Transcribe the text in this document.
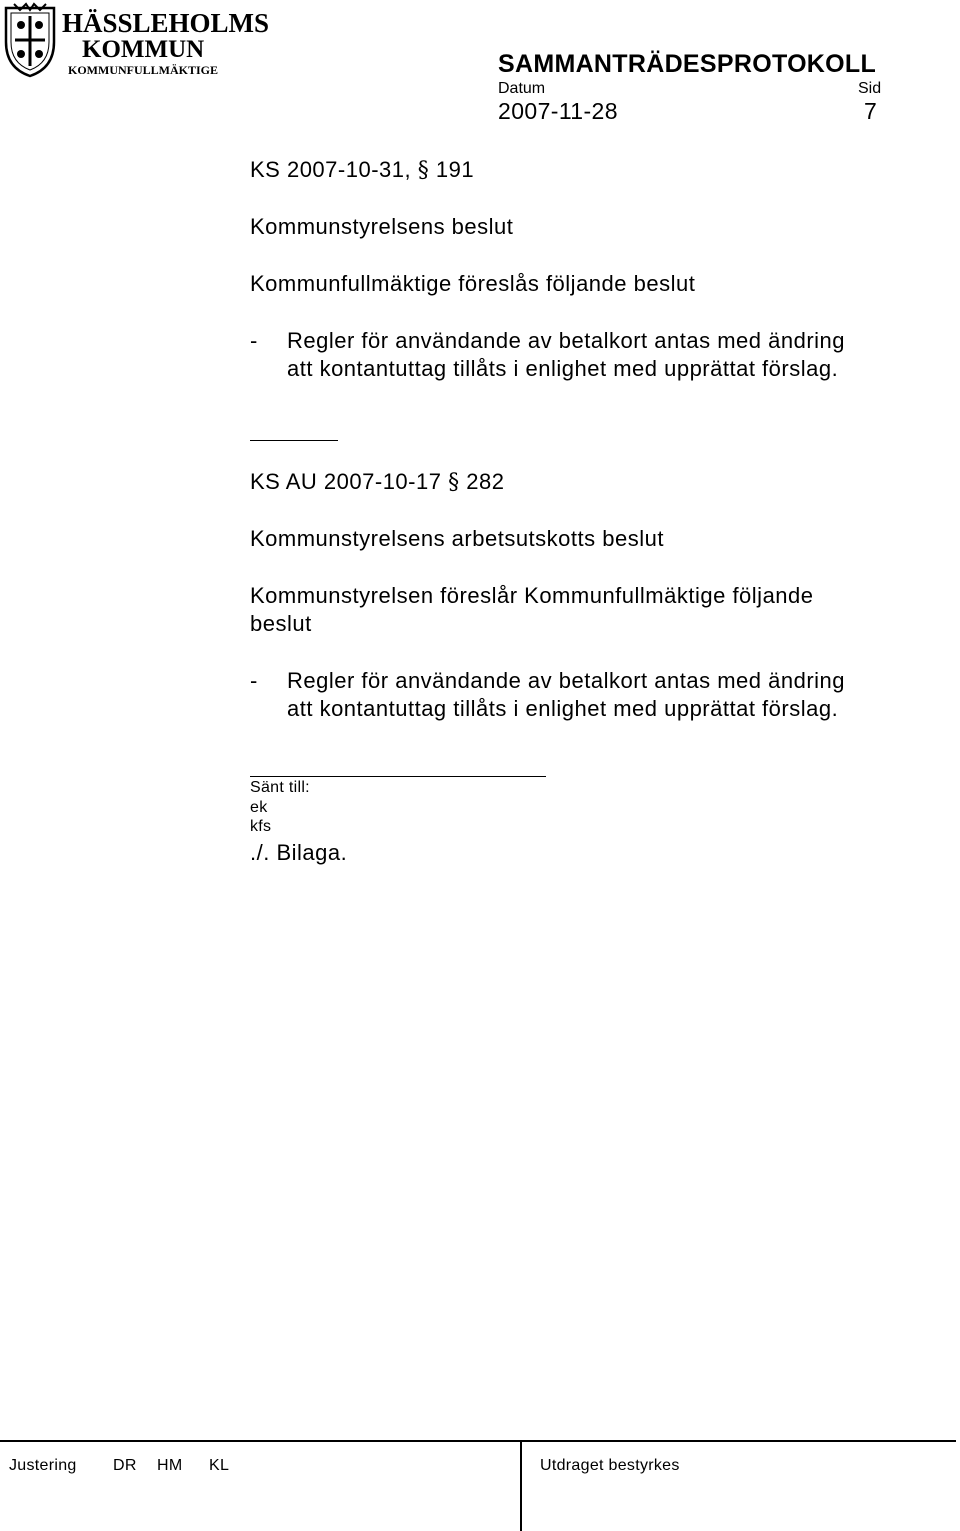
HÄSSLEHOLMS
KOMMUN
KOMMUNFULLMÄKTIGE	SAMMANTRÄDESPROTOKOLL
Datum	Sid
2007-11-28	7
KS 2007-10-31, § 191
Kommunstyrelsens beslut
Kommunfullmäktige föreslås följande beslut
- Regler för användande av betalkort antas med ändring
att kontantuttag tillåts i enlighet med upprättat förslag.
KS AU 2007-10-17 § 282
Kommunstyrelsens arbetsutskotts beslut
Kommunstyrelsen föreslår Kommunfullmäktige följande
beslut
- Regler för användande av betalkort antas med ändring
att kontantuttag tillåts i enlighet med upprättat förslag.
Sänt till:
ek
kfs
./. Bilaga.
Justering DR HM KL	Utdraget bestyrkes
